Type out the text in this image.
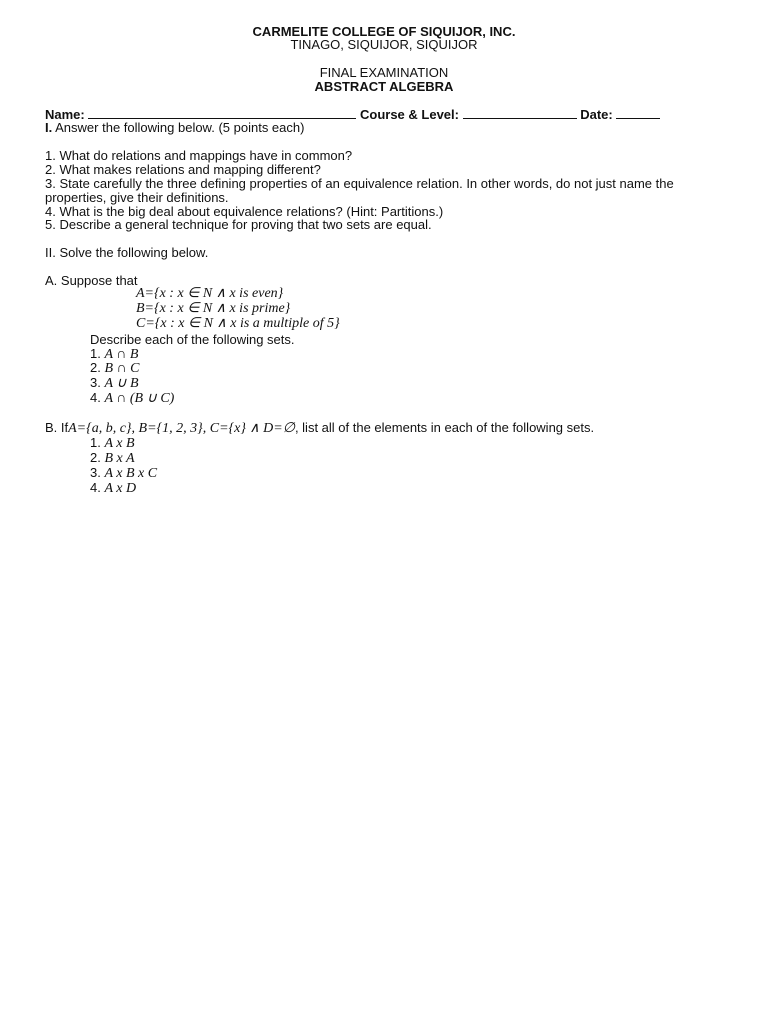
CARMELITE COLLEGE OF SIQUIJOR, INC.
TINAGO, SIQUIJOR, SIQUIJOR
FINAL EXAMINATION
ABSTRACT ALGEBRA
Name:	Course & Level:	Date:
I. Answer the following below. (5 points each)
1. What do relations and mappings have in common?
2. What makes relations and mapping different?
3. State carefully the three defining properties of an equivalence relation. In other words, do not just name the properties, give their definitions.
4. What is the big deal about equivalence relations? (Hint: Partitions.)
5. Describe a general technique for proving that two sets are equal.
II. Solve the following below.
A. Suppose that
A={x : x ∈ N ∧ x is even}
B={x : x ∈ N ∧ x is prime}
C={x : x ∈ N ∧ x is a multiple of 5}
Describe each of the following sets.
1. A ∩ B
2. B ∩ C
3. A ∪ B
4. A ∩ (B ∪ C)
B. IfA={a, b, c}, B={1, 2, 3}, C={x} ∧ D=∅, list all of the elements in each of the following sets.
1. A x B
2. B x A
3. A x B x C
4. A x D
